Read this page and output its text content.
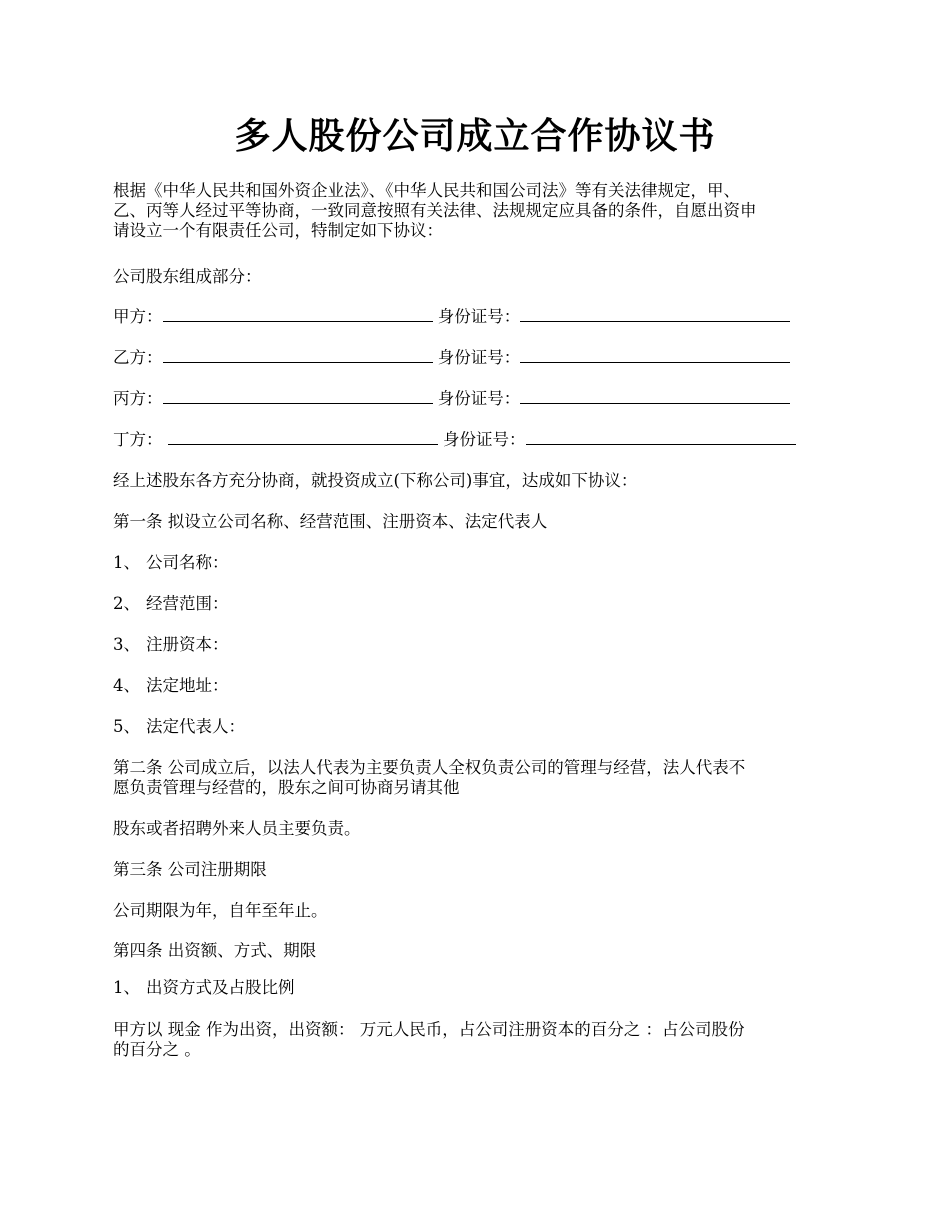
多人股份公司成立合作协议书
根据《中华人民共和国外资企业法》、《中华人民共和国公司法》等有关法律规定，甲、
乙、丙等人经过平等协商，一致同意按照有关法律、法规规定应具备的条件，自愿出资申
请设立一个有限责任公司，特制定如下协议：
公司股东组成部分：
甲方：	身份证号：
乙方：	身份证号：
丙方：	身份证号：
丁方：	身份证号：
经上述股东各方充分协商，就投资成立(下称公司)事宜，达成如下协议：
第一条 拟设立公司名称、经营范围、注册资本、法定代表人
1、 公司名称：
2、 经营范围：
3、 注册资本：
4、 法定地址：
5、 法定代表人：
第二条 公司成立后，以法人代表为主要负责人全权负责公司的管理与经营，法人代表不
愿负责管理与经营的，股东之间可协商另请其他
股东或者招聘外来人员主要负责。
第三条 公司注册期限
公司期限为年，自年至年止。
第四条 出资额、方式、期限
1、 出资方式及占股比例
甲方以 现金 作为出资，出资额： 万元人民币，占公司注册资本的百分之 ：占公司股份
的百分之 。
